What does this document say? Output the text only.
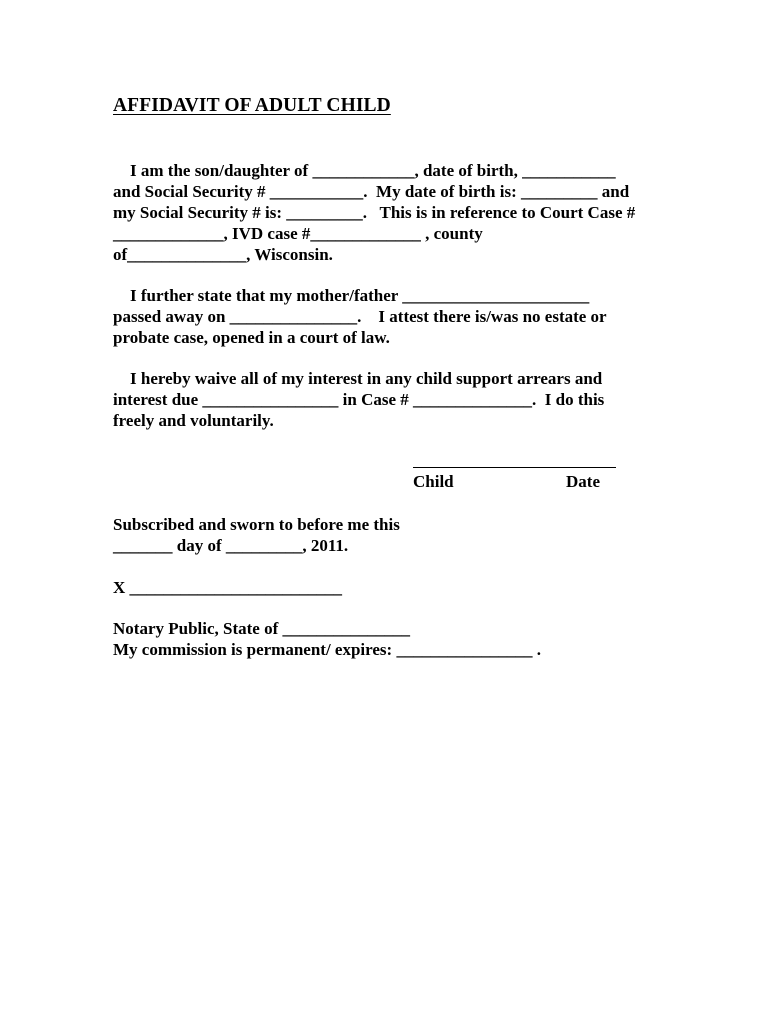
AFFIDAVIT OF ADULT CHILD
I am the son/daughter of ____________, date of birth, ___________
and Social Security # ___________.  My date of birth is: _________ and
my Social Security # is: _________.   This is in reference to Court Case #
_____________, IVD case #_____________ , county
of______________, Wisconsin.
I further state that my mother/father ______________________
passed away on _______________.    I attest there is/was no estate or
probate case, opened in a court of law.
I hereby waive all of my interest in any child support arrears and
interest due ________________ in Case # ______________.  I do this
freely and voluntarily.
Child	Date
Subscribed and sworn to before me this
_______ day of _________, 2011.
X _________________________
Notary Public, State of _______________
My commission is permanent/ expires: ________________ .
